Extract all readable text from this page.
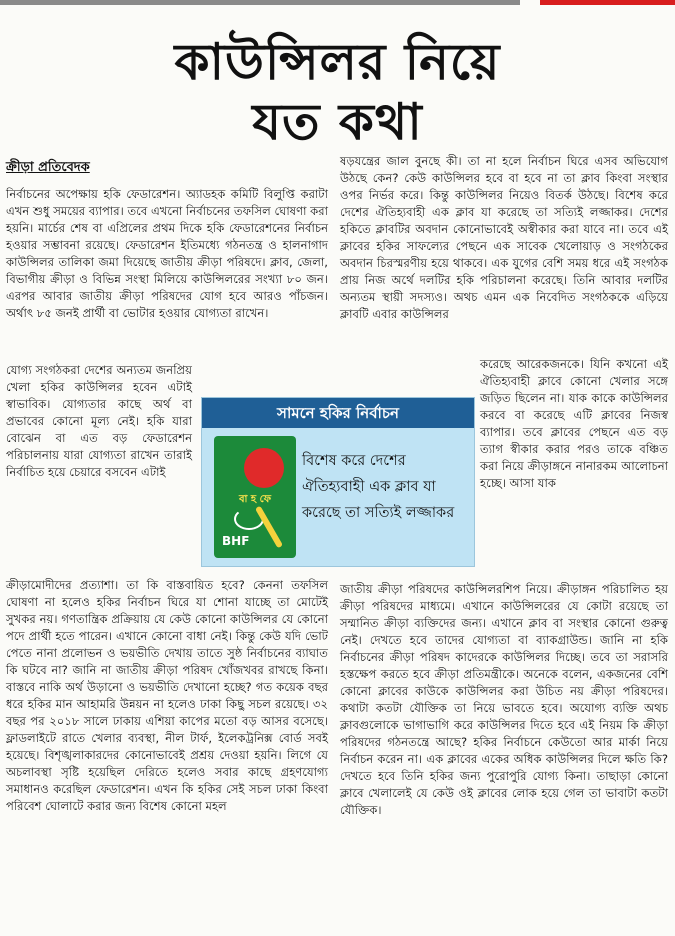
কাউন্সিলর নিয়ে
যত কথা
ক্রীড়া প্রতিবেদক

নির্বাচনের অপেক্ষায় হকি ফেডারেশন। অ্যাডহক কমিটি বিলুপ্তি করাটা এখন শুধু সময়ের ব্যাপার। তবে এখনো নির্বাচনের তফসিল ঘোষণা করা হয়নি। মার্চের শেষ বা এপ্রিলের প্রথম দিকে হকি ফেডারেশনের নির্বাচন হওয়ার সম্ভাবনা রয়েছে। ফেডারেশন ইতিমধ্যে গঠনতন্ত্র ও হালনাগাদ কাউন্সিলর তালিকা জমা দিয়েছে জাতীয় ক্রীড়া পরিষদে। ক্লাব, জেলা, বিভাগীয় ক্রীড়া ও বিভিন্ন সংস্থা মিলিয়ে কাউন্সিলরের সংখ্যা ৮০ জন। এরপর আবার জাতীয় ক্রীড়া পরিষদের যোগ হবে আরও পাঁচজন। অর্থাৎ ৮৫ জনই প্রার্থী বা ভোটার হওয়ার যোগ্যতা রাখেন।

যোগ্য সংগঠকরা দেশের অন্যতম জনপ্রিয় খেলা হকির কাউন্সিলর হবেন এটাই স্বাভাবিক। যোগ্যতার কাছে অর্থ বা প্রভাবের কোনো মূল্য নেই। হকি যারা বোঝেন বা এত বড় ফেডারেশন পরিচালনায় যারা যোগ্যতা রাখেন তারাই নির্বাচিত হয়ে চেয়ারে বসবেন এটাই

ক্রীড়ামোদীদের প্রত্যাশা। তা কি বাস্তবায়িত হবে? কেননা তফসিল ঘোষণা না হলেও হকির নির্বাচন ঘিরে যা শোনা যাচ্ছে তা মোটেই সুখকর নয়। গণতান্ত্রিক প্রক্রিয়ায় যে কেউ কোনো কাউন্সিলর যে কোনো পদে প্রার্থী হতে পারেন। এখানে কোনো বাধা নেই। কিন্তু কেউ যদি ভোট পেতে নানা প্রলোভন ও ভয়ভীতি দেখায় তাতে সুষ্ঠ নির্বাচনের ব্যাঘাত কি ঘটবে না? জানি না জাতীয় ক্রীড়া পরিষদ খোঁজখবর রাখছে কিনা। বাস্তবে নাকি অর্থ উড়ানো ও ভয়ভীতি দেখানো হচ্ছে? গত কয়েক বছর ধরে হকির মান আহামরি উন্নয়ন না হলেও ঢাকা কিছু সচল রয়েছে। ৩২ বছর পর ২০১৮ সালে ঢাকায় এশিয়া কাপের মতো বড় আসর বসেছে। ফ্লাডলাইটে রাতে খেলার ব্যবস্থা, নীল টার্ফ, ইলেকট্রনিক্স বোর্ড সবই হয়েছে। বিশৃঙ্খলাকারদের কোনোভাবেই প্রশ্রয় দেওয়া হয়নি। লিগে যে অচলাবস্থা সৃষ্টি হয়েছিল দেরিতে হলেও সবার কাছে গ্রহণযোগ্য সমাধানও করেছিল ফেডারেশন। এখন কি হকির সেই সচল ঢাকা কিংবা পরিবেশ ঘোলাটে করার জন্য বিশেষ কোনো মহল

ষড়যন্ত্রের জাল বুনছে কী। তা না হলে নির্বাচন ঘিরে এসব অভিযোগ উঠছে কেন? কেউ কাউন্সিলর হবে বা হবে না তা ক্লাব কিংবা সংস্থার ওপর নির্ভর করে। কিন্তু কাউন্সিলর নিয়েও বিতর্ক উঠছে। বিশেষ করে দেশের ঐতিহ্যবাহী এক ক্লাব যা করেছে তা সত্যিই লজ্জাকর। দেশের হকিতে ক্লাবটির অবদান কোনোভাবেই অস্বীকার করা যাবে না। তবে এই ক্লাবের হকির সাফল্যের পেছনে এক সাবেক খেলোয়াড় ও সংগঠকের অবদান চিরস্মরণীয় হয়ে থাকবে। এক যুগের বেশি সময় ধরে এই সংগঠক প্রায় নিজ অর্থে দলটির হকি পরিচালনা করেছে। তিনি আবার দলটির অন্যতম স্থায়ী সদস্যও। অথচ এমন এক নিবেদিত সংগঠককে এড়িয়ে ক্লাবটি এবার কাউন্সিলর

করেছে আরেকজনকে। যিনি কখনো এই ঐতিহ্যবাহী ক্লাবে কোনো খেলার সঙ্গে জড়িত ছিলেন না। যাক কাকে কাউন্সিলর করবে বা করেছে এটি ক্লাবের নিজস্ব ব্যাপার। তবে ক্লাবের পেছনে এত বড় ত্যাগ স্বীকার করার পরও তাকে বঞ্চিত করা নিয়ে ক্রীড়াঙ্গনে নানারকম আলোচনা হচ্ছে। আসা যাক

জাতীয় ক্রীড়া পরিষদের কাউন্সিলরশিপ নিয়ে। ক্রীড়াঙ্গন পরিচালিত হয় ক্রীড়া পরিষদের মাধ্যমে। এখানে কাউন্সিলরের যে কোটা রয়েছে তা সম্মানিত ক্রীড়া ব্যক্তিদের জন্য। এখানে ক্লাব বা সংস্থার কোনো গুরুত্ব নেই। দেখতে হবে তাদের যোগ্যতা বা ব্যাকগ্রাউন্ড। জানি না হকি নির্বাচনের ক্রীড়া পরিষদ কাদেরকে কাউন্সিলর দিচ্ছে। তবে তা সরাসরি হস্তক্ষেপ করতে হবে ক্রীড়া প্রতিমন্ত্রীকে। অনেকে বলেন, একজনের বেশি কোনো ক্লাবের কাউকে কাউন্সিলর করা উচিত নয় ক্রীড়া পরিষদের। কথাটা কতটা যৌক্তিক তা নিয়ে ভাবতে হবে। অযোগ্য ব্যক্তি অথচ ক্লাবগুলোকে ভাগাভাগি করে কাউন্সিলর দিতে হবে এই নিয়ম কি ক্রীড়া পরিষদের গঠনতন্ত্রে আছে? হকির নির্বাচনে কেউতো আর মার্কা নিয়ে নির্বাচন করেন না। এক ক্লাবের একের অধিক কাউন্সিলর দিলে ক্ষতি কি? দেখতে হবে তিনি হকির জন্য পুরোপুরি যোগ্য কিনা। তাছাড়া কোনো ক্লাবে খেলালেই যে কেউ ওই ক্লাবের লোক হয়ে গেল তা ভাবাটা কতটা যৌক্তিক।

সামনে হকির নির্বাচন
বা হ ফে
BHF
বিশেষ করে দেশের ঐতিহ্যবাহী এক ক্লাব যা করেছে তা সত্যিই লজ্জাকর
